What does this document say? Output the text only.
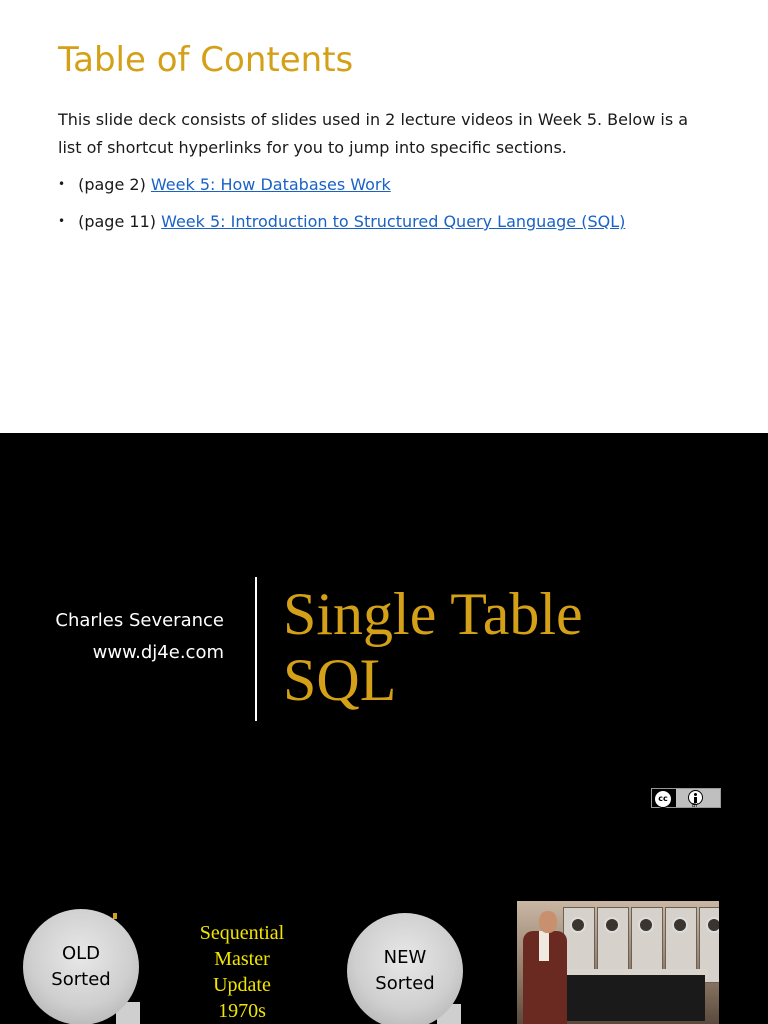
Table of Contents

This slide deck consists of slides used in 2 lecture videos in Week 5. Below is a list of shortcut hyperlinks for you to jump into specific sections.

• (page 2) Week 5: How Databases Work
• (page 11) Week 5: Introduction to Structured Query Language (SQL)
Charles Severance
www.dj4e.com
Single Table
SQL
cc
BY
OLD
Sorted
Sequential
Master
Update
1970s
NEW
Sorted
